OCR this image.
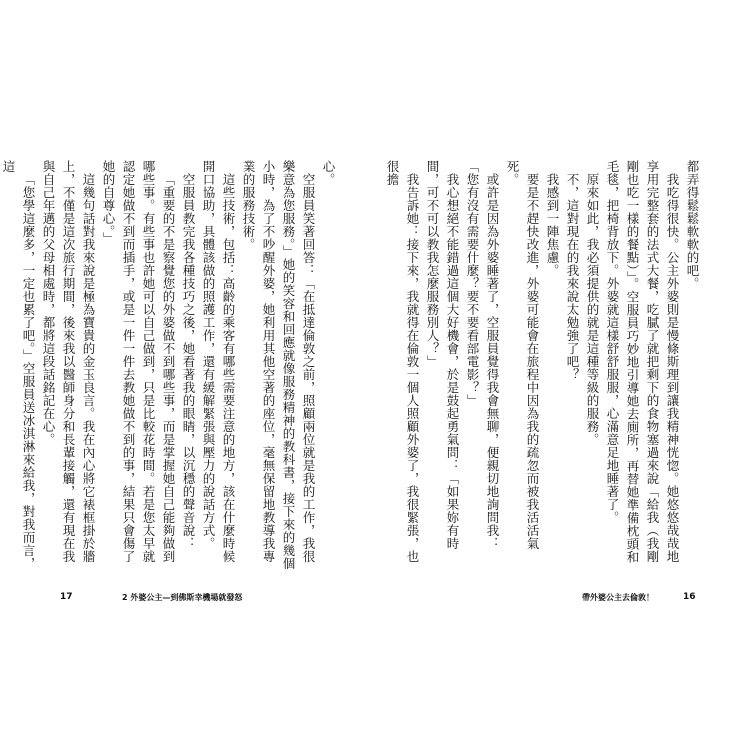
心。

空服員笑著回答：「在抵達倫敦之前，照顧兩位就是我的工作，我很樂意為您服務。」她的笑容和回應就像服務精神的教科書，接下來的幾個小時，為了不吵醒外婆，她利用其他空著的座位，毫無保留地教導我專業的服務技術。

這些技術，包括：高齡的乘客有哪些需要注意的地方，該在什麼時候開口協助，具體該做的照護工作，還有緩解緊張與壓力的說話方式。

空服員教完我各種技巧之後，她看著我的眼睛，以沉穩的聲音說：

「重要的不是察覺您的外婆做不到哪些事，而是掌握她自己能夠做到哪些事。有些事也許她可以自己做到，只是比較花時間。若是您太早就認定她做不到而插手，或是一件一件去教她做不到的事，結果只會傷了她的自尊心。」

這幾句話對我來說是極為寶貴的金玉良言。我在內心將它裱框掛於牆上，不僅是這次旅行期間，後來我以醫師身分和長輩接觸，還有現在我與自己年邁的父母相處時，都將這段話銘記在心。

「您學這麼多，一定也累了吧。」空服員送冰淇淋來給我，對我而言，這

17	2 外婆公主—到佛斯幸機場就發怒

都弄得鬆鬆軟軟的吧。

我吃得很快。公主外婆則是慢條斯理到讓我精神恍惚。她悠悠哉哉地享用完整套的法式大餐，吃膩了就把剩下的食物塞過來說「給我（我剛剛也吃一樣的餐點）」。空服員巧妙地引導她去廁所，再替她準備枕頭和毛毯，把椅背放下。外婆就這樣舒舒服服，心滿意足地睡著了。

原來如此，我必須提供的就是這種等級的服務。

不，這對現在的我來說太勉強了吧？

我感到一陣焦慮。

要是不趕快改進，外婆可能會在旅程中因為我的疏忽而被我活活氣死。

或許是因為外婆睡著了，空服員覺得我會無聊，便親切地詢問我：「您有沒有需要什麼？要不要看部電影？」

我心想絕不能錯過這個大好機會，於是鼓起勇氣問：「如果妳有時間，可不可以教我怎麼服務別人？」

我告訴她：接下來，我就得在倫敦一個人照顧外婆了，我很緊張，也很擔

帶外婆公主去倫敦！	16
